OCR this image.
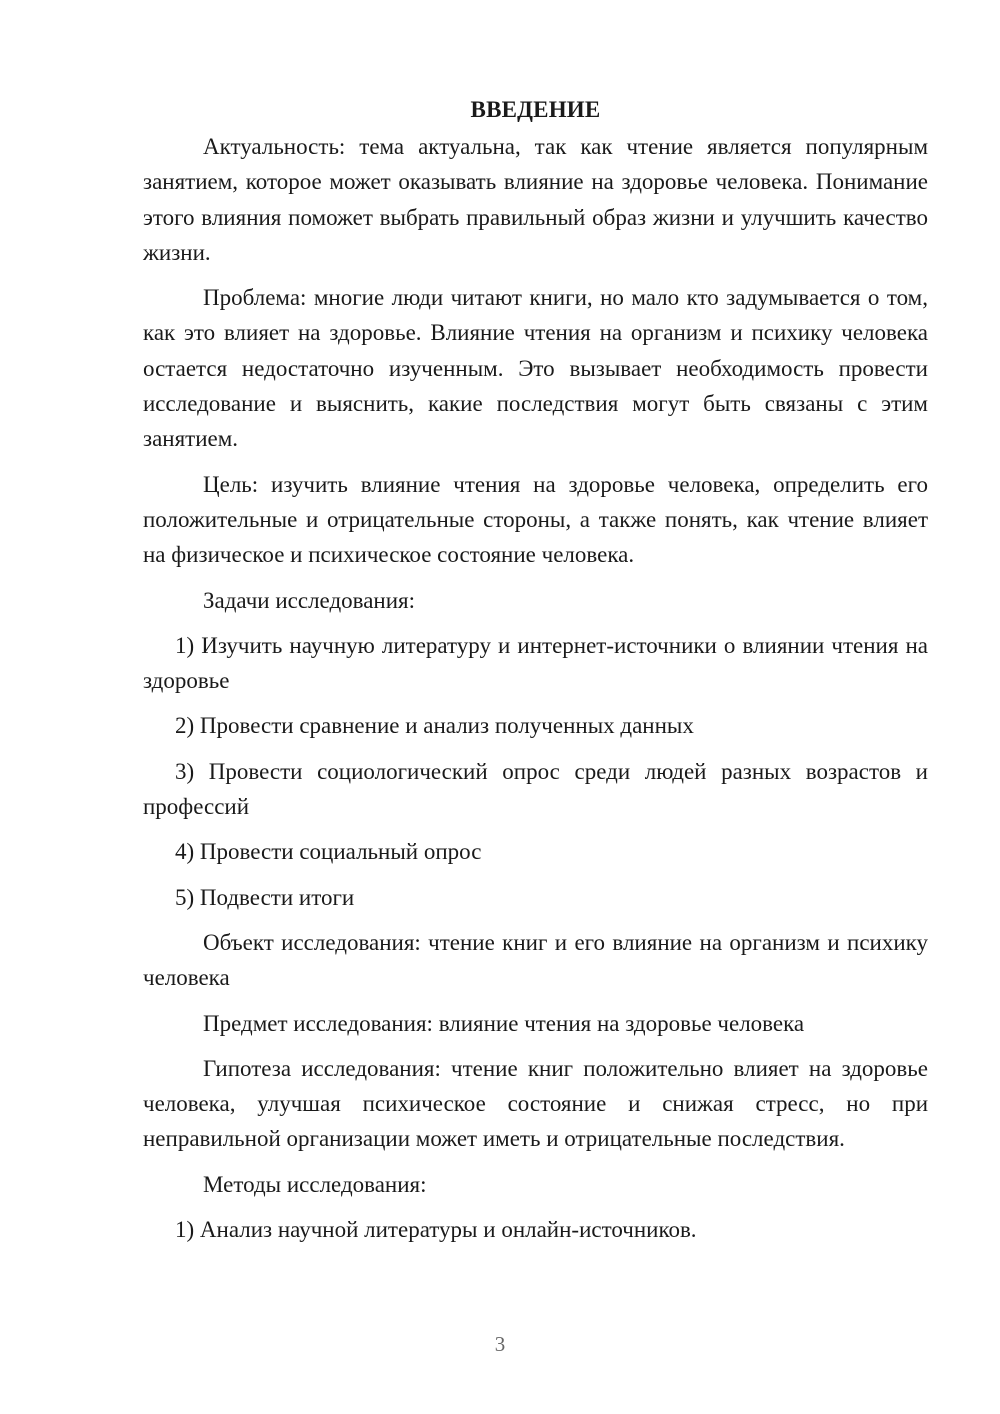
ВВЕДЕНИЕ

Актуальность: тема актуальна, так как чтение является популярным занятием, которое может оказывать влияние на здоровье человека. Понимание этого влияния поможет выбрать правильный образ жизни и улучшить качество жизни.

Проблема: многие люди читают книги, но мало кто задумывается о том, как это влияет на здоровье. Влияние чтения на организм и психику человека остается недостаточно изученным. Это вызывает необходимость провести исследование и выяснить, какие последствия могут быть связаны с этим занятием.

Цель: изучить влияние чтения на здоровье человека, определить его положительные и отрицательные стороны, а также понять, как чтение влияет на физическое и психическое состояние человека.

Задачи исследования:

1) Изучить научную литературу и интернет-источники о влиянии чтения на здоровье

2) Провести сравнение и анализ полученных данных

3) Провести социологический опрос среди людей разных возрастов и профессий

4) Провести социальный опрос

5) Подвести итоги

Объект исследования: чтение книг и его влияние на организм и психику человека

Предмет исследования: влияние чтения на здоровье человека

Гипотеза исследования: чтение книг положительно влияет на здоровье человека, улучшая психическое состояние и снижая стресс, но при неправильной организации может иметь и отрицательные последствия.

Методы исследования:

1) Анализ научной литературы и онлайн-источников.

3
